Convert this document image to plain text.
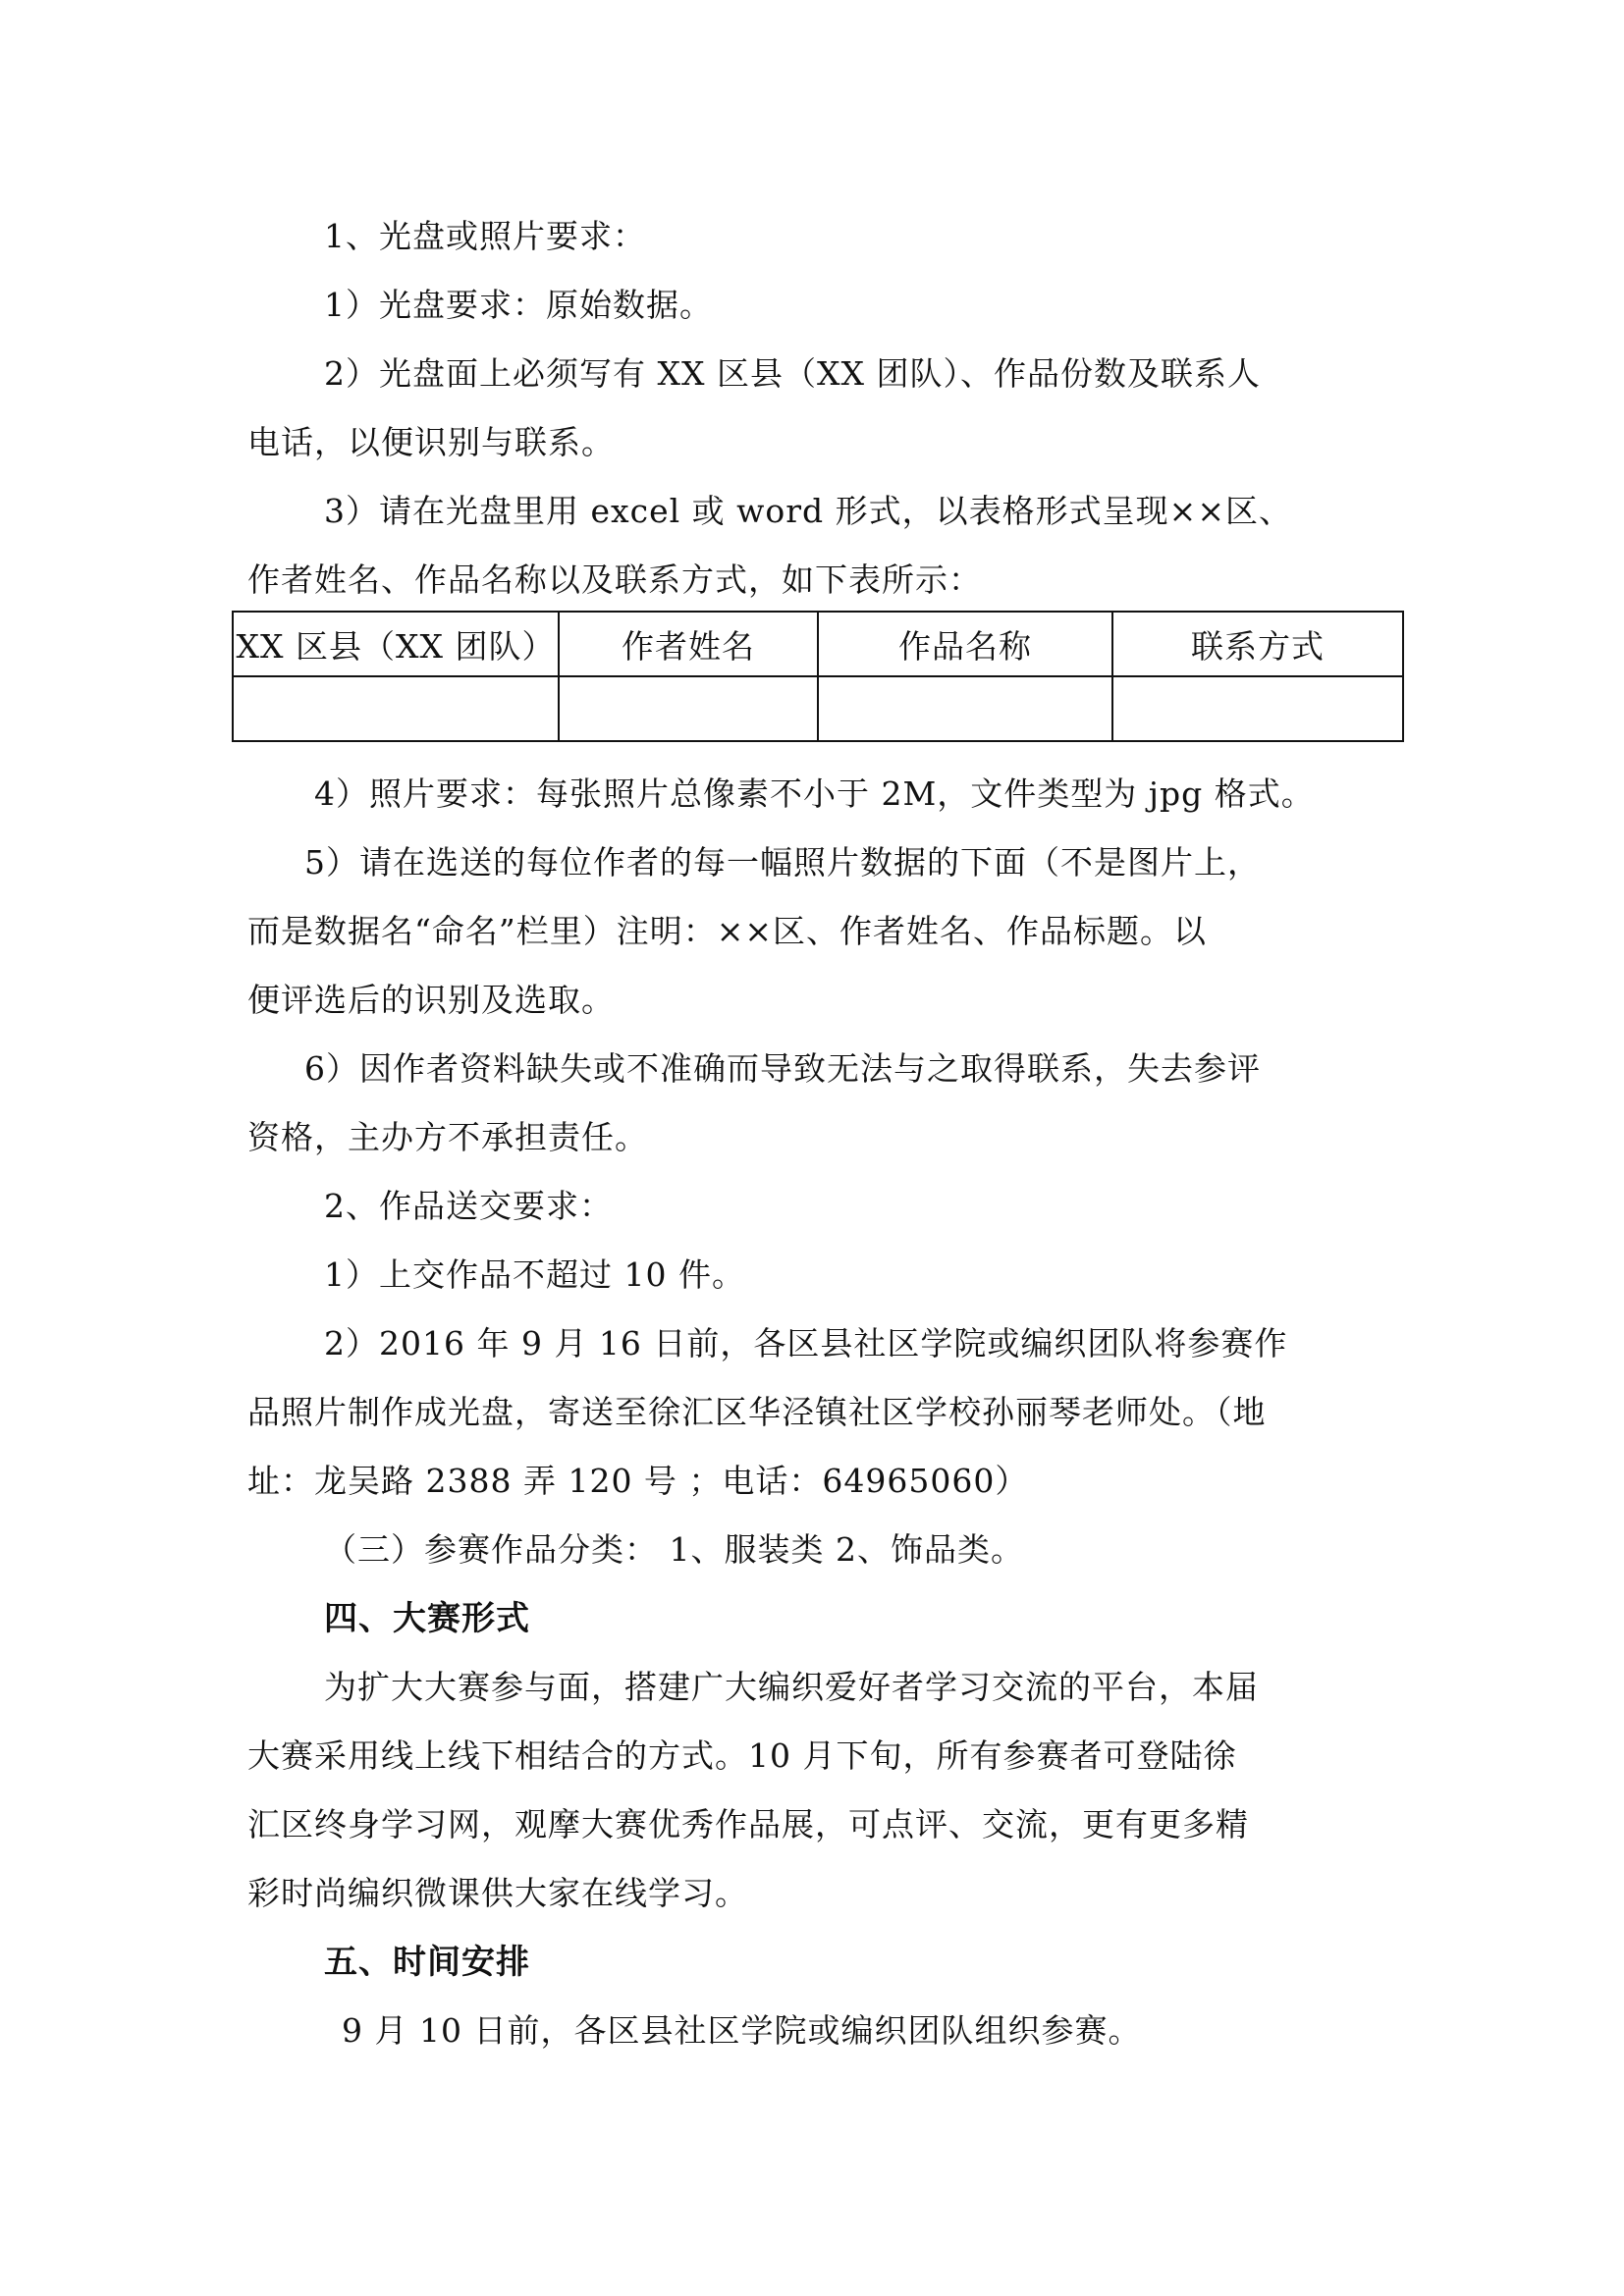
1、光盘或照片要求：
1）光盘要求：原始数据。
2）光盘面上必须写有 XX 区县（XX 团队）、作品份数及联系人
电话，以便识别与联系。
3）请在光盘里用 excel 或 word 形式，以表格形式呈现××区、
作者姓名、作品名称以及联系方式，如下表所示：
XX 区县（XX 团队）	作者姓名	作品名称	联系方式

4）照片要求：每张照片总像素不小于 2M，文件类型为 jpg 格式。
5）请在选送的每位作者的每一幅照片数据的下面（不是图片上，
而是数据名“命名”栏里）注明：××区、作者姓名、作品标题。以
便评选后的识别及选取。
6）因作者资料缺失或不准确而导致无法与之取得联系，失去参评
资格，主办方不承担责任。
2、作品送交要求：
1）上交作品不超过 10 件。
2）2016 年 9 月 16 日前，各区县社区学院或编织团队将参赛作
品照片制作成光盘，寄送至徐汇区华泾镇社区学校孙丽琴老师处。（地
址：龙吴路 2388 弄 120 号 ；电话：64965060）
（三）参赛作品分类： 1、服装类 2、饰品类。
四、大赛形式
为扩大大赛参与面，搭建广大编织爱好者学习交流的平台，本届
大赛采用线上线下相结合的方式。10 月下旬，所有参赛者可登陆徐
汇区终身学习网，观摩大赛优秀作品展，可点评、交流，更有更多精
彩时尚编织微课供大家在线学习。
五、时间安排
9 月 10 日前，各区县社区学院或编织团队组织参赛。
